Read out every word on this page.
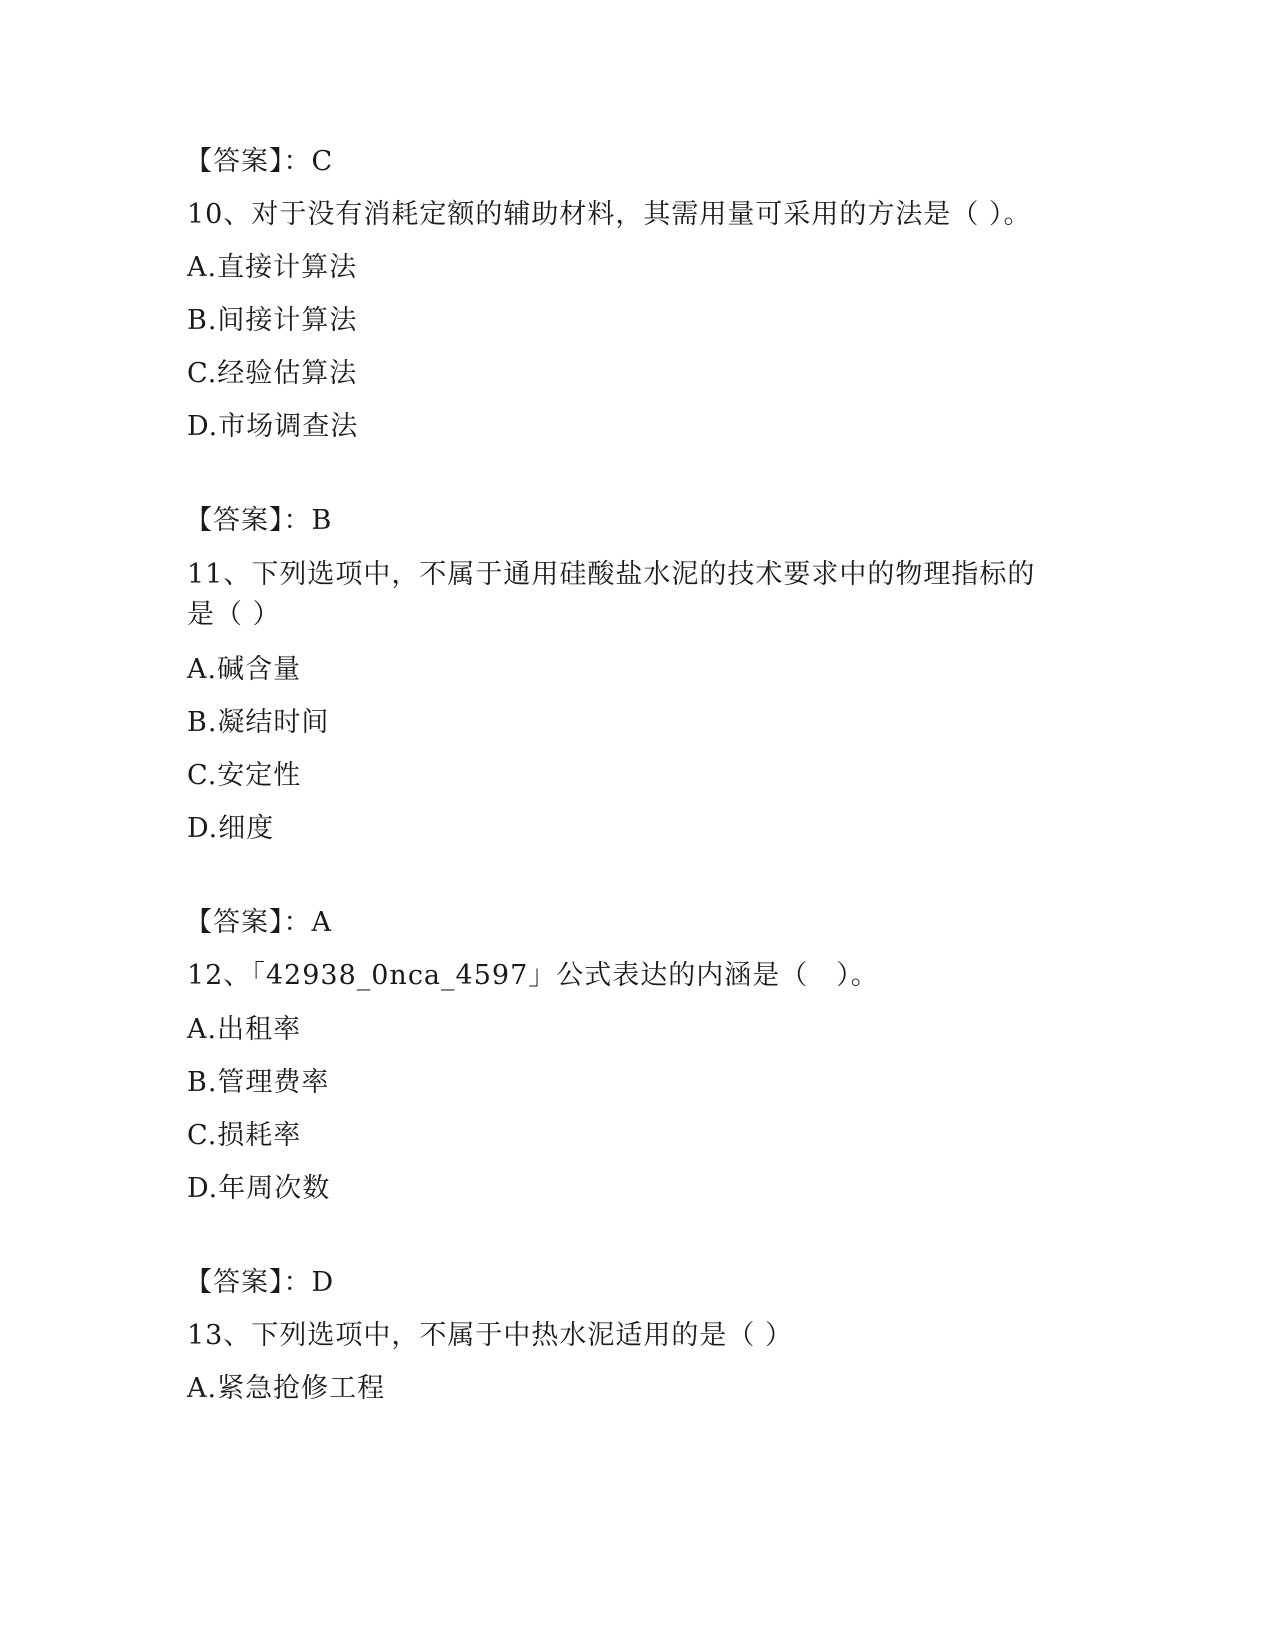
【答案】：C
10、对于没有消耗定额的辅助材料，其需用量可采用的方法是（ ）。
A.直接计算法
B.间接计算法
C.经验估算法
D.市场调查法
【答案】：B
11、下列选项中，不属于通用硅酸盐水泥的技术要求中的物理指标的
是（ ）
A.碱含量
B.凝结时间
C.安定性
D.细度
【答案】：A
12、「42938_0nca_4597」公式表达的内涵是（　）。
A.出租率
B.管理费率
C.损耗率
D.年周次数
【答案】：D
13、下列选项中，不属于中热水泥适用的是（ ）
A.紧急抢修工程
